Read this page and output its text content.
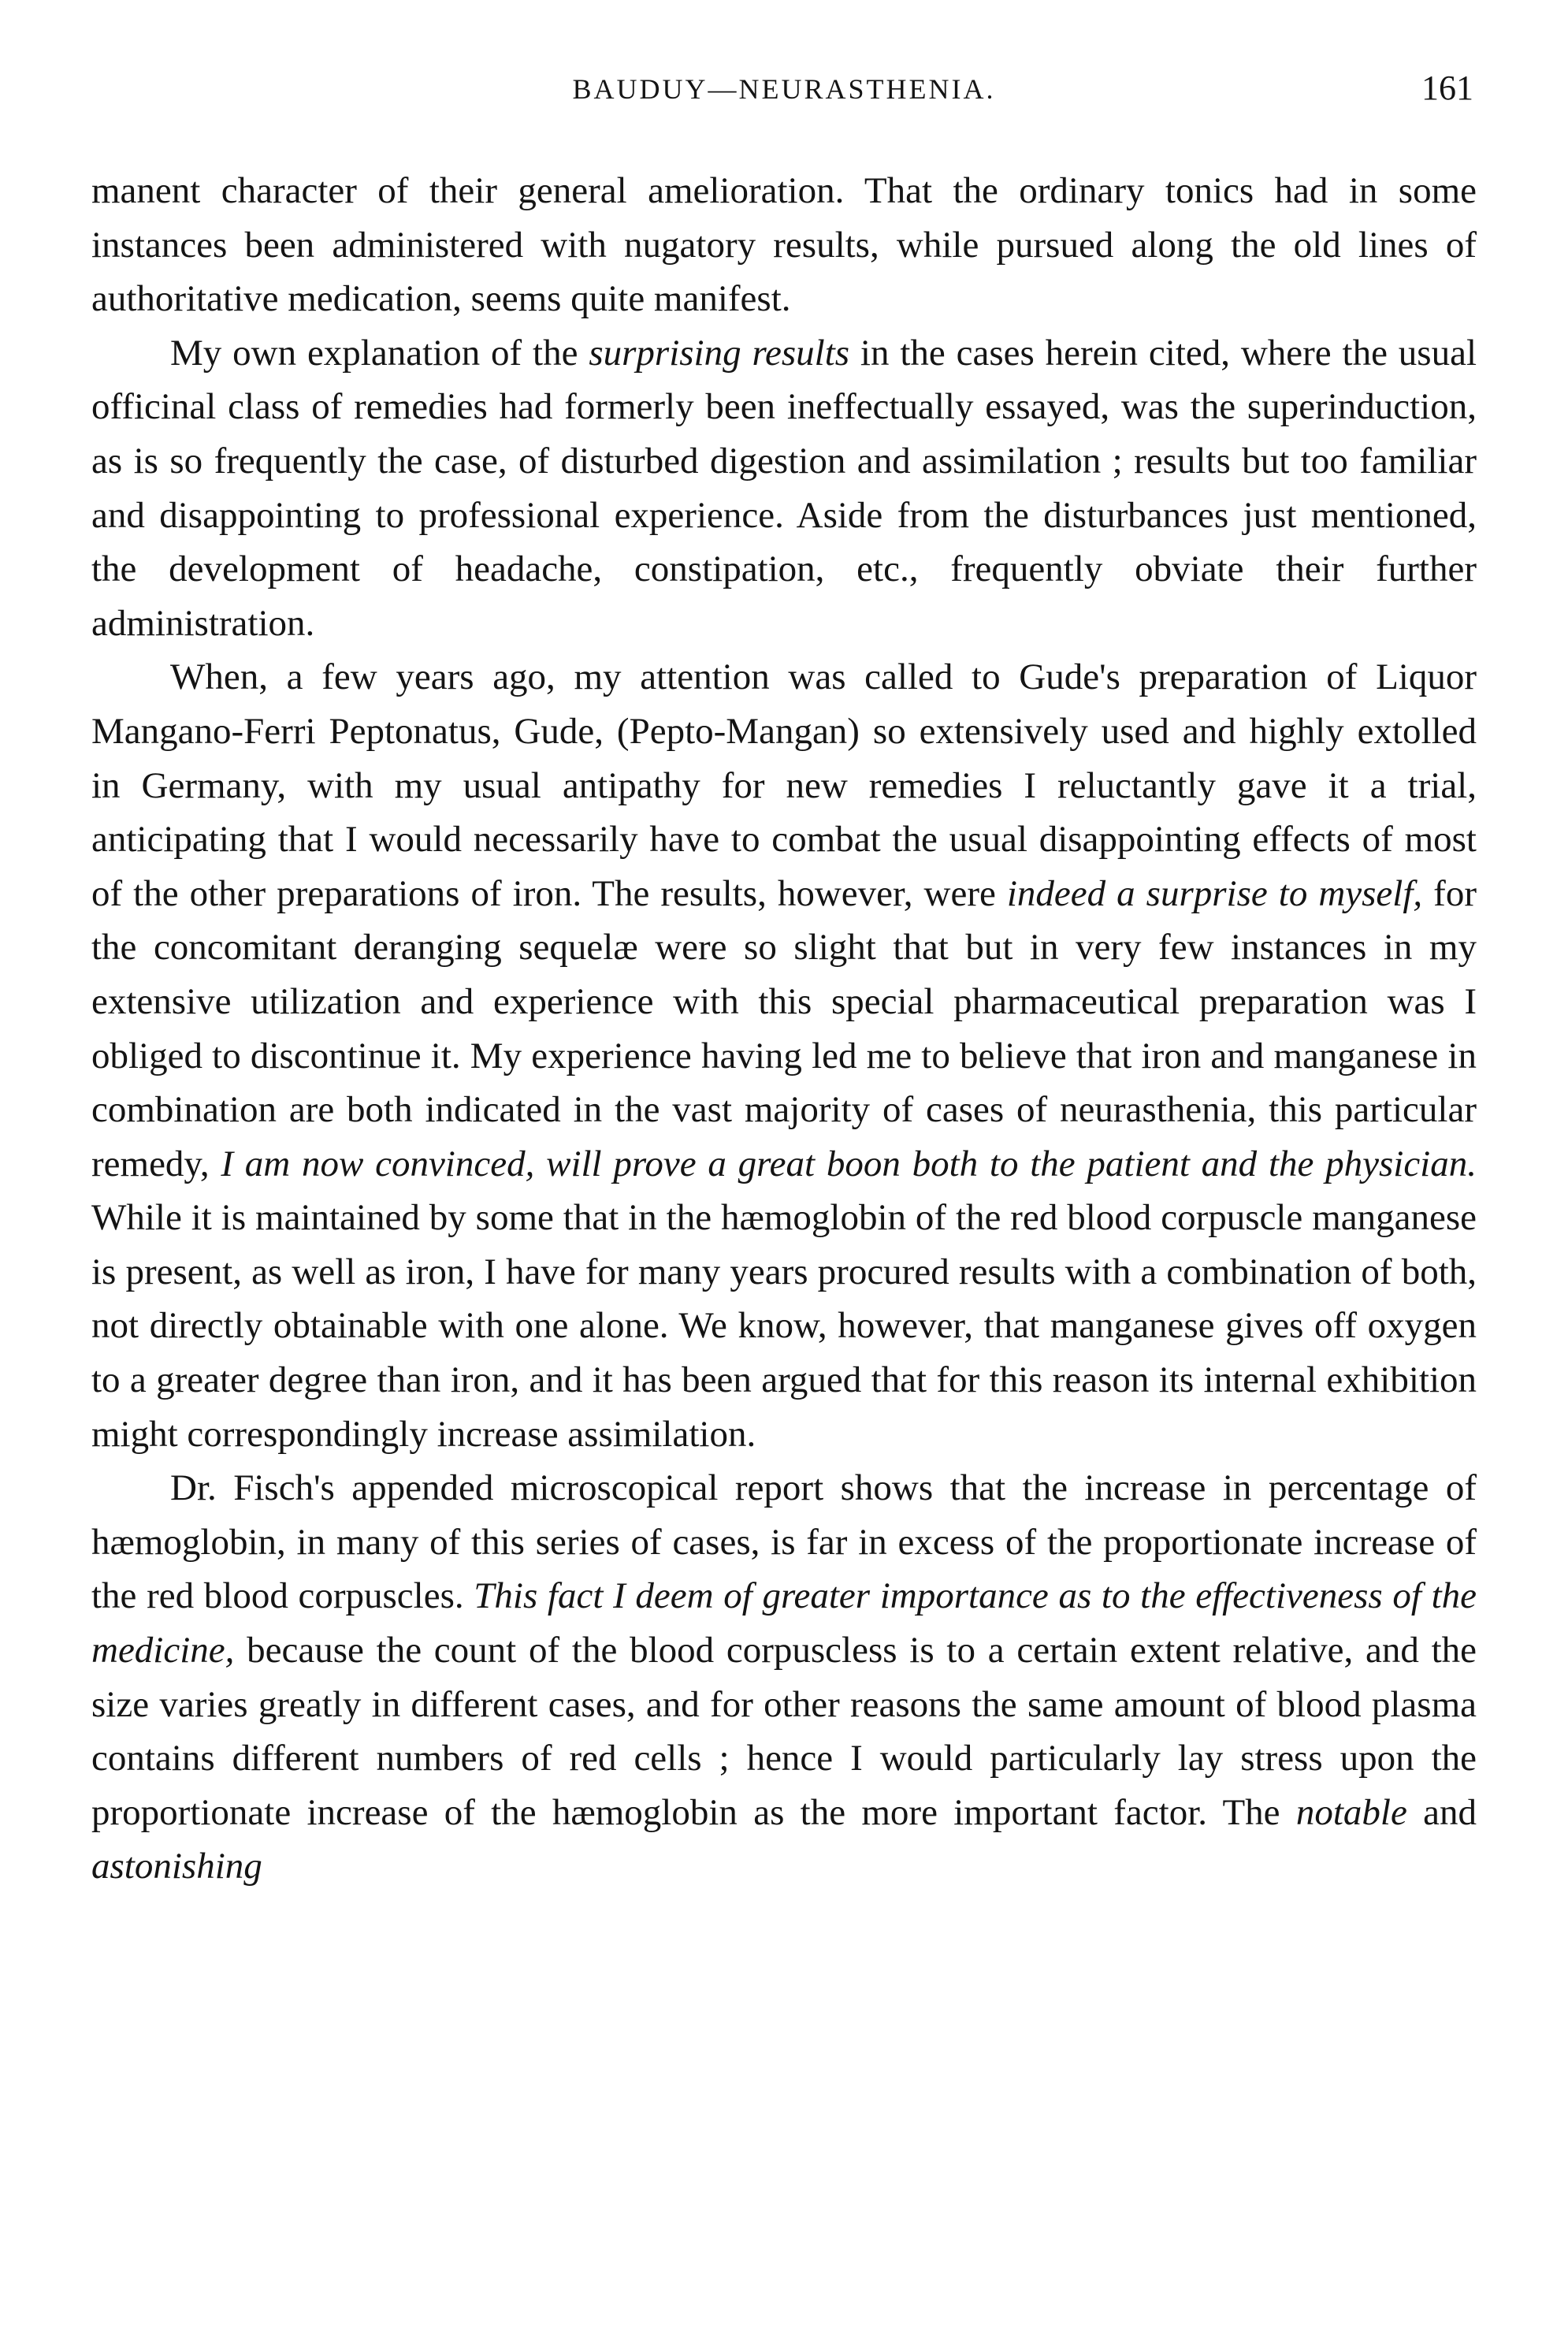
BAUDUY—NEURASTHENIA.	161

manent character of their general amelioration. That the ordinary tonics had in some instances been administered with nugatory results, while pursued along the old lines of authoritative medication, seems quite manifest.

My own explanation of the surprising results in the cases herein cited, where the usual officinal class of remedies had formerly been ineffectually essayed, was the superinduction, as is so frequently the case, of disturbed digestion and assimilation ; results but too familiar and disappointing to professional experience. Aside from the disturbances just mentioned, the development of headache, constipation, etc., frequently obviate their further administration.

When, a few years ago, my attention was called to Gude's preparation of Liquor Mangano-Ferri Peptonatus, Gude, (Pepto-Mangan) so extensively used and highly extolled in Germany, with my usual antipathy for new remedies I reluctantly gave it a trial, anticipating that I would necessarily have to combat the usual disappointing effects of most of the other preparations of iron. The results, however, were indeed a surprise to myself, for the concomitant deranging sequelæ were so slight that but in very few instances in my extensive utilization and experience with this special pharmaceutical preparation was I obliged to discontinue it. My experience having led me to believe that iron and manganese in combination are both indicated in the vast majority of cases of neurasthenia, this particular remedy, I am now convinced, will prove a great boon both to the patient and the physician. While it is maintained by some that in the hæmoglobin of the red blood corpuscle manganese is present, as well as iron, I have for many years procured results with a combination of both, not directly obtainable with one alone. We know, however, that manganese gives off oxygen to a greater degree than iron, and it has been argued that for this reason its internal exhibition might correspondingly increase assimilation.

Dr. Fisch's appended microscopical report shows that the increase in percentage of hæmoglobin, in many of this series of cases, is far in excess of the proportionate increase of the red blood corpuscles. This fact I deem of greater importance as to the effectiveness of the medicine, because the count of the blood corpuscless is to a certain extent relative, and the size varies greatly in different cases, and for other reasons the same amount of blood plasma contains different numbers of red cells ; hence I would particularly lay stress upon the proportionate increase of the hæmoglobin as the more important factor. The notable and astonishing
